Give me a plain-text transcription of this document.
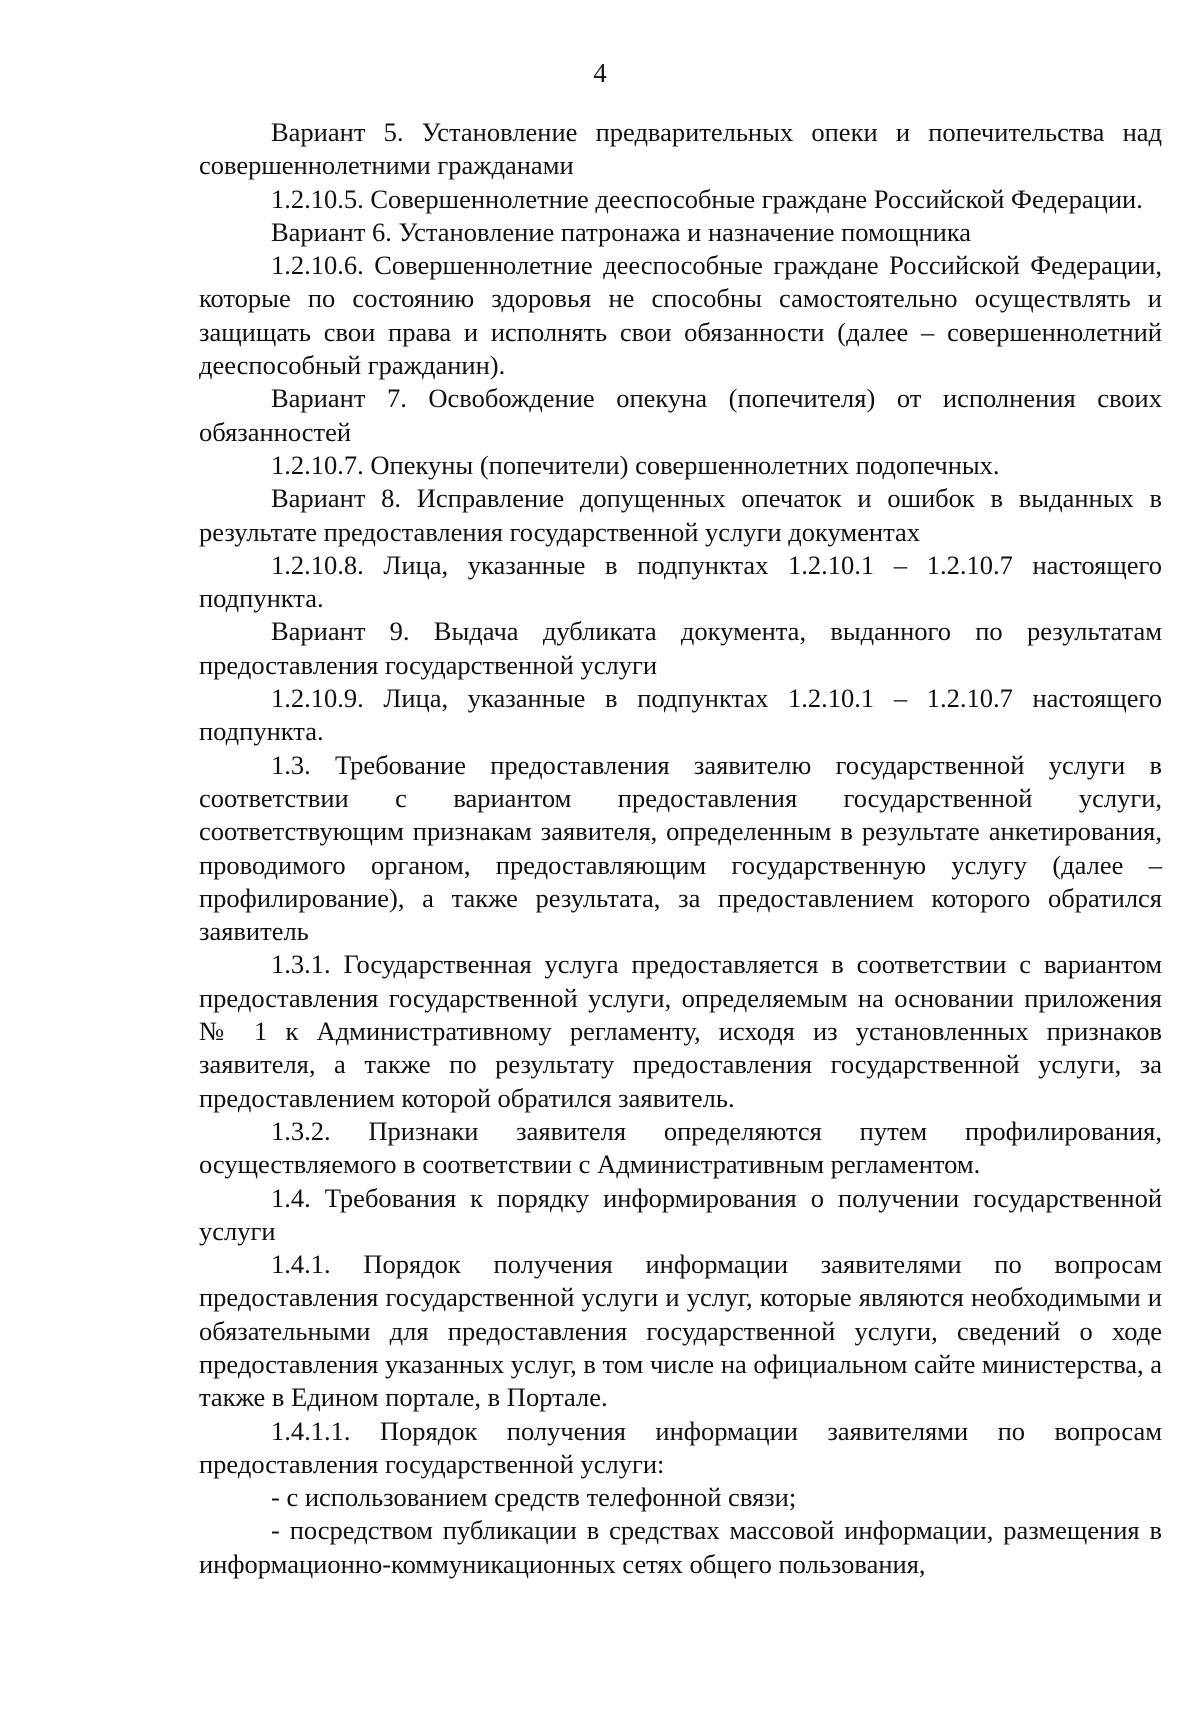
4

Вариант 5. Установление предварительных опеки и попечительства над совершеннолетними гражданами

1.2.10.5. Совершеннолетние дееспособные граждане Российской Федерации.

Вариант 6. Установление патронажа и назначение помощника

1.2.10.6. Совершеннолетние дееспособные граждане Российской Федерации, которые по состоянию здоровья не способны самостоятельно осуществлять и защищать свои права и исполнять свои обязанности (далее – совершеннолетний дееспособный гражданин).

Вариант 7. Освобождение опекуна (попечителя) от исполнения своих обязанностей

1.2.10.7. Опекуны (попечители) совершеннолетних подопечных.

Вариант 8. Исправление допущенных опечаток и ошибок в выданных в результате предоставления государственной услуги документах

1.2.10.8. Лица, указанные в подпунктах 1.2.10.1 – 1.2.10.7 настоящего подпункта.

Вариант 9. Выдача дубликата документа, выданного по результатам предоставления государственной услуги

1.2.10.9. Лица, указанные в подпунктах 1.2.10.1 – 1.2.10.7 настоящего подпункта.

1.3. Требование предоставления заявителю государственной услуги в соответствии с вариантом предоставления государственной услуги, соответствующим признакам заявителя, определенным в результате анкетирования, проводимого органом, предоставляющим государственную услугу (далее – профилирование), а также результата, за предоставлением которого обратился заявитель

1.3.1. Государственная услуга предоставляется в соответствии с вариантом предоставления государственной услуги, определяемым на основании приложения № 1 к Административному регламенту, исходя из установленных признаков заявителя, а также по результату предоставления государственной услуги, за предоставлением которой обратился заявитель.

1.3.2. Признаки заявителя определяются путем профилирования, осуществляемого в соответствии с Административным регламентом.

1.4. Требования к порядку информирования о получении государственной услуги

1.4.1. Порядок получения информации заявителями по вопросам предоставления государственной услуги и услуг, которые являются необходимыми и обязательными для предоставления государственной услуги, сведений о ходе предоставления указанных услуг, в том числе на официальном сайте министерства, а также в Едином портале, в Портале.

1.4.1.1. Порядок получения информации заявителями по вопросам предоставления государственной услуги:

- с использованием средств телефонной связи;

- посредством публикации в средствах массовой информации, размещения в информационно-коммуникационных сетях общего пользования,
